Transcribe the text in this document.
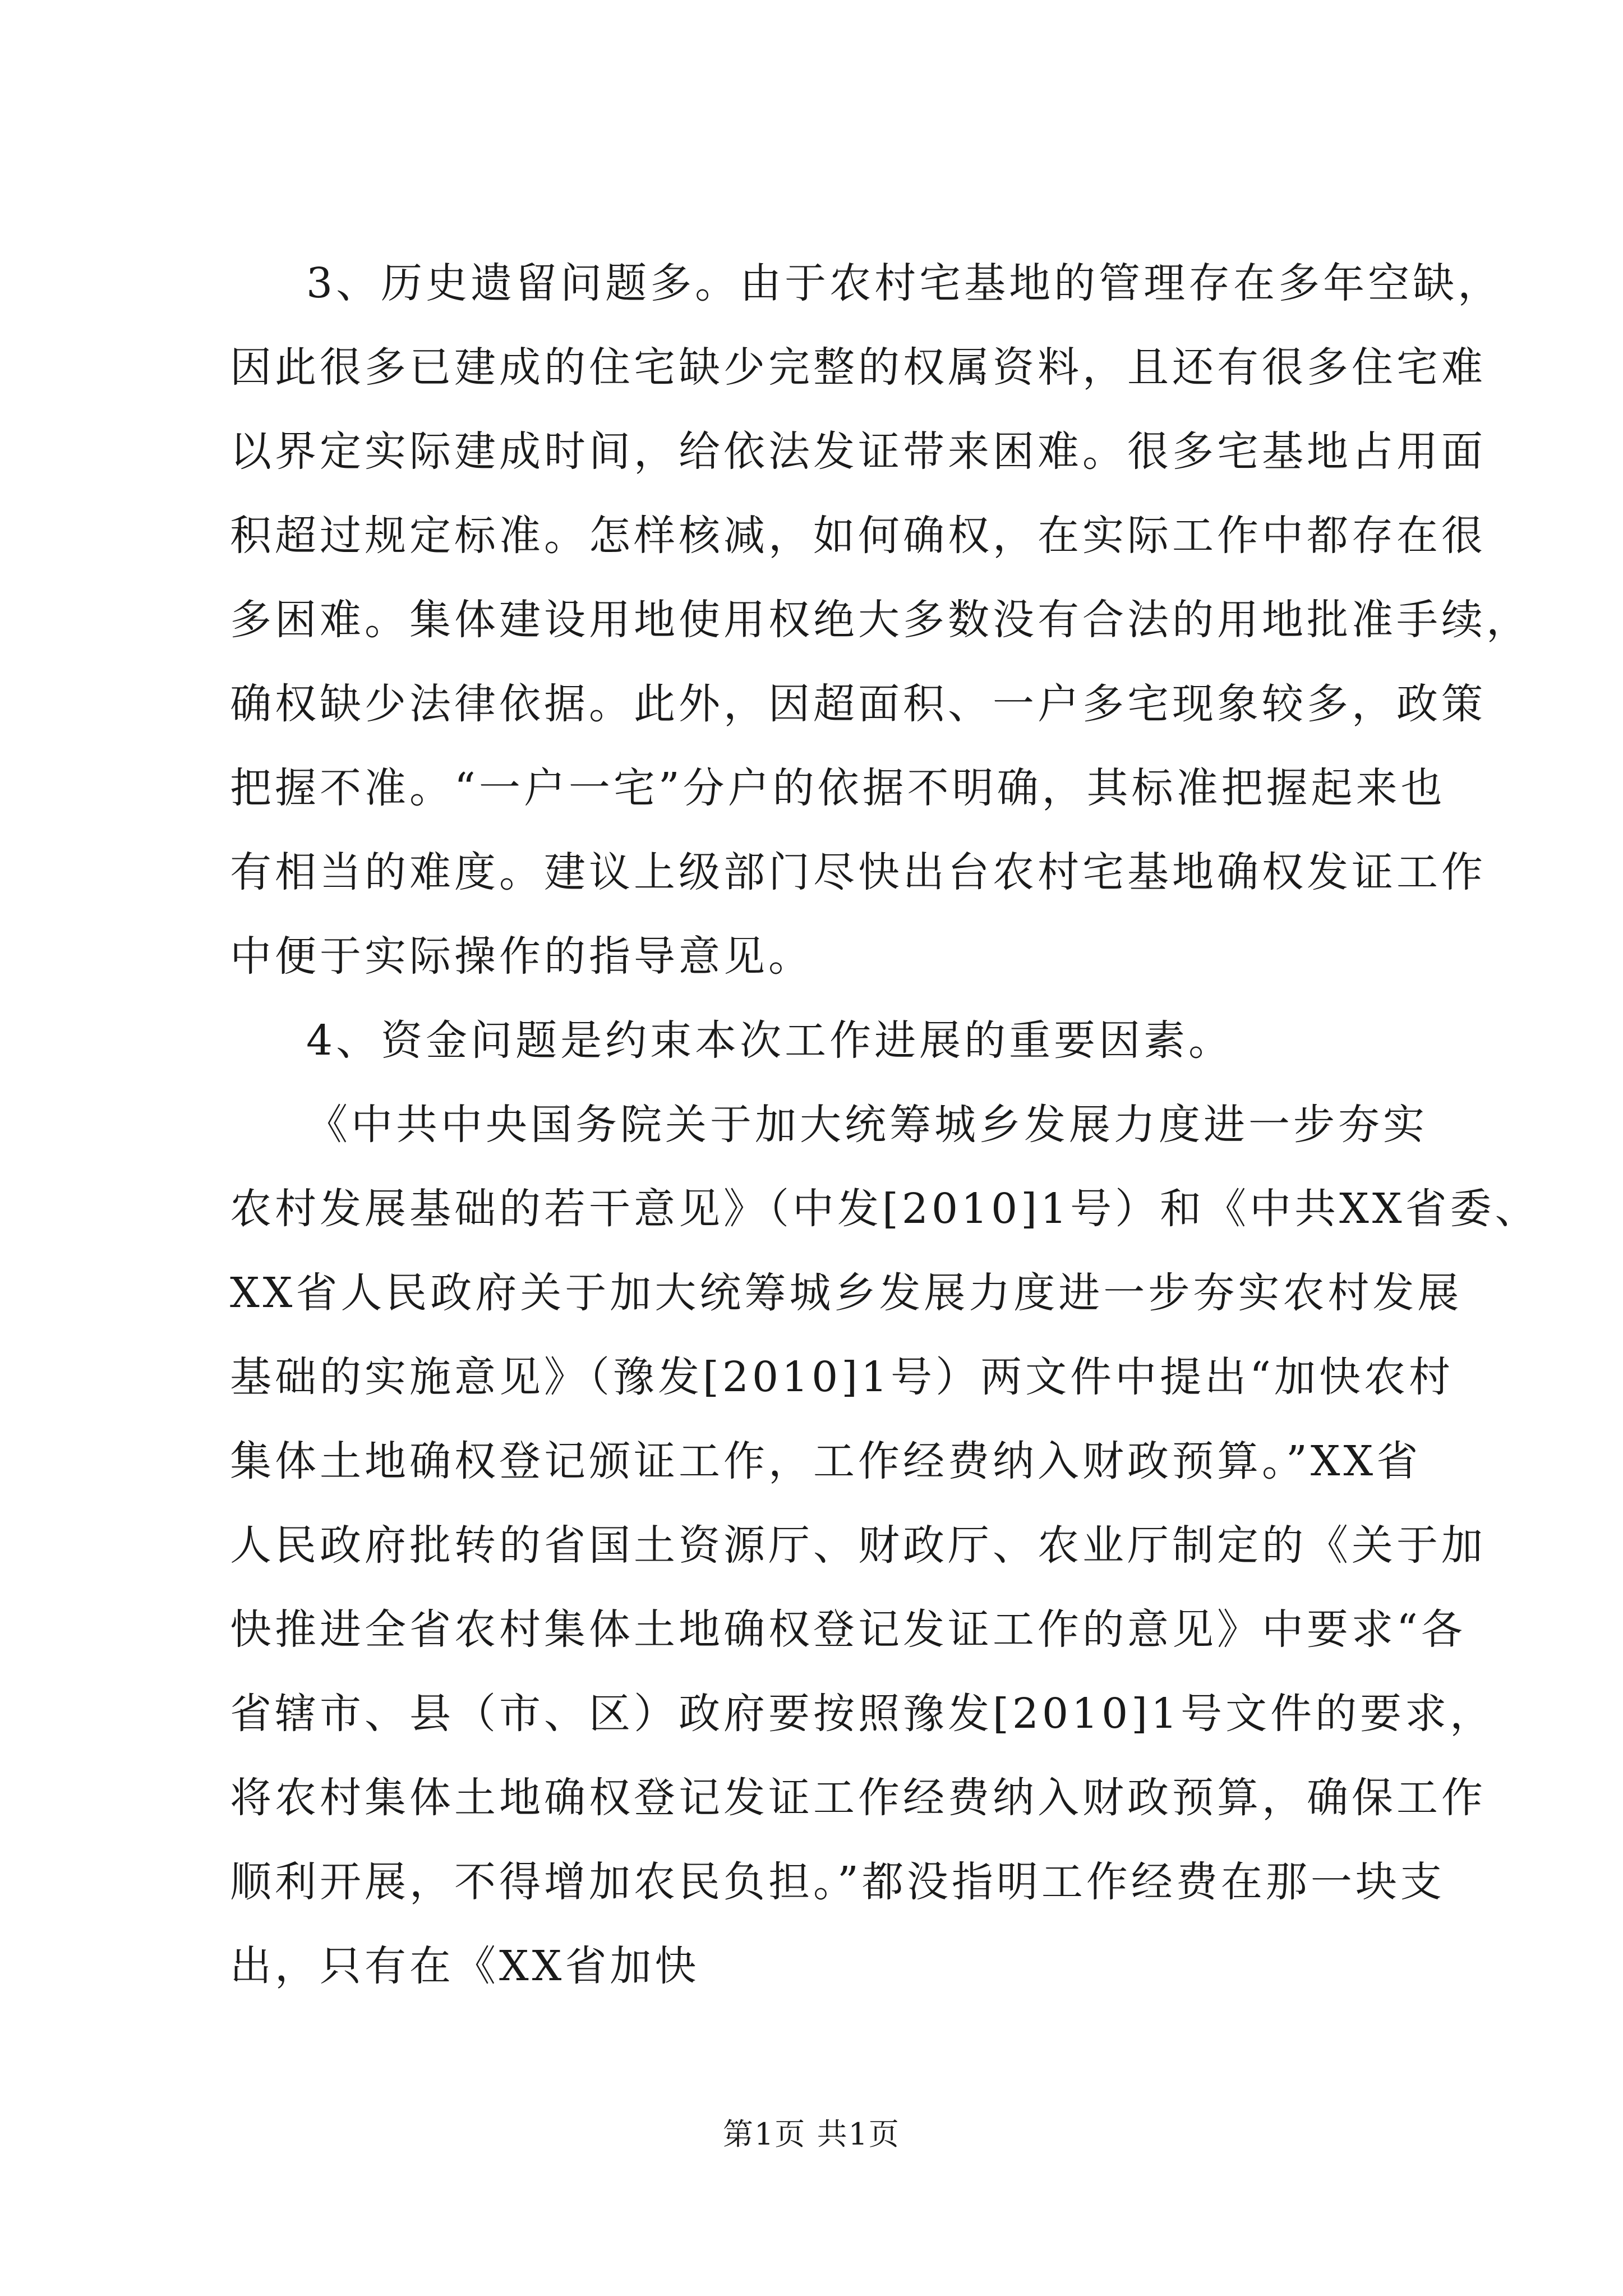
3、历史遗留问题多。由于农村宅基地的管理存在多年空缺，
因此很多已建成的住宅缺少完整的权属资料，且还有很多住宅难
以界定实际建成时间，给依法发证带来困难。很多宅基地占用面
积超过规定标准。怎样核减，如何确权，在实际工作中都存在很
多困难。集体建设用地使用权绝大多数没有合法的用地批准手续，
确权缺少法律依据。此外，因超面积、一户多宅现象较多，政策
把握不准。“一户一宅”分户的依据不明确，其标准把握起来也
有相当的难度。建议上级部门尽快出台农村宅基地确权发证工作
中便于实际操作的指导意见。
4、资金问题是约束本次工作进展的重要因素。
《中共中央国务院关于加大统筹城乡发展力度进一步夯实
农村发展基础的若干意见》（中发[2010]1号）和《中共XX省委、
XX省人民政府关于加大统筹城乡发展力度进一步夯实农村发展
基础的实施意见》（豫发[2010]1号）两文件中提出“加快农村
集体土地确权登记颁证工作，工作经费纳入财政预算。”XX省
人民政府批转的省国土资源厅、财政厅、农业厅制定的《关于加
快推进全省农村集体土地确权登记发证工作的意见》中要求“各
省辖市、县（市、区）政府要按照豫发[2010]1号文件的要求，
将农村集体土地确权登记发证工作经费纳入财政预算，确保工作
顺利开展，不得增加农民负担。”都没指明工作经费在那一块支
出，只有在《XX省加快
第1页 共1页
